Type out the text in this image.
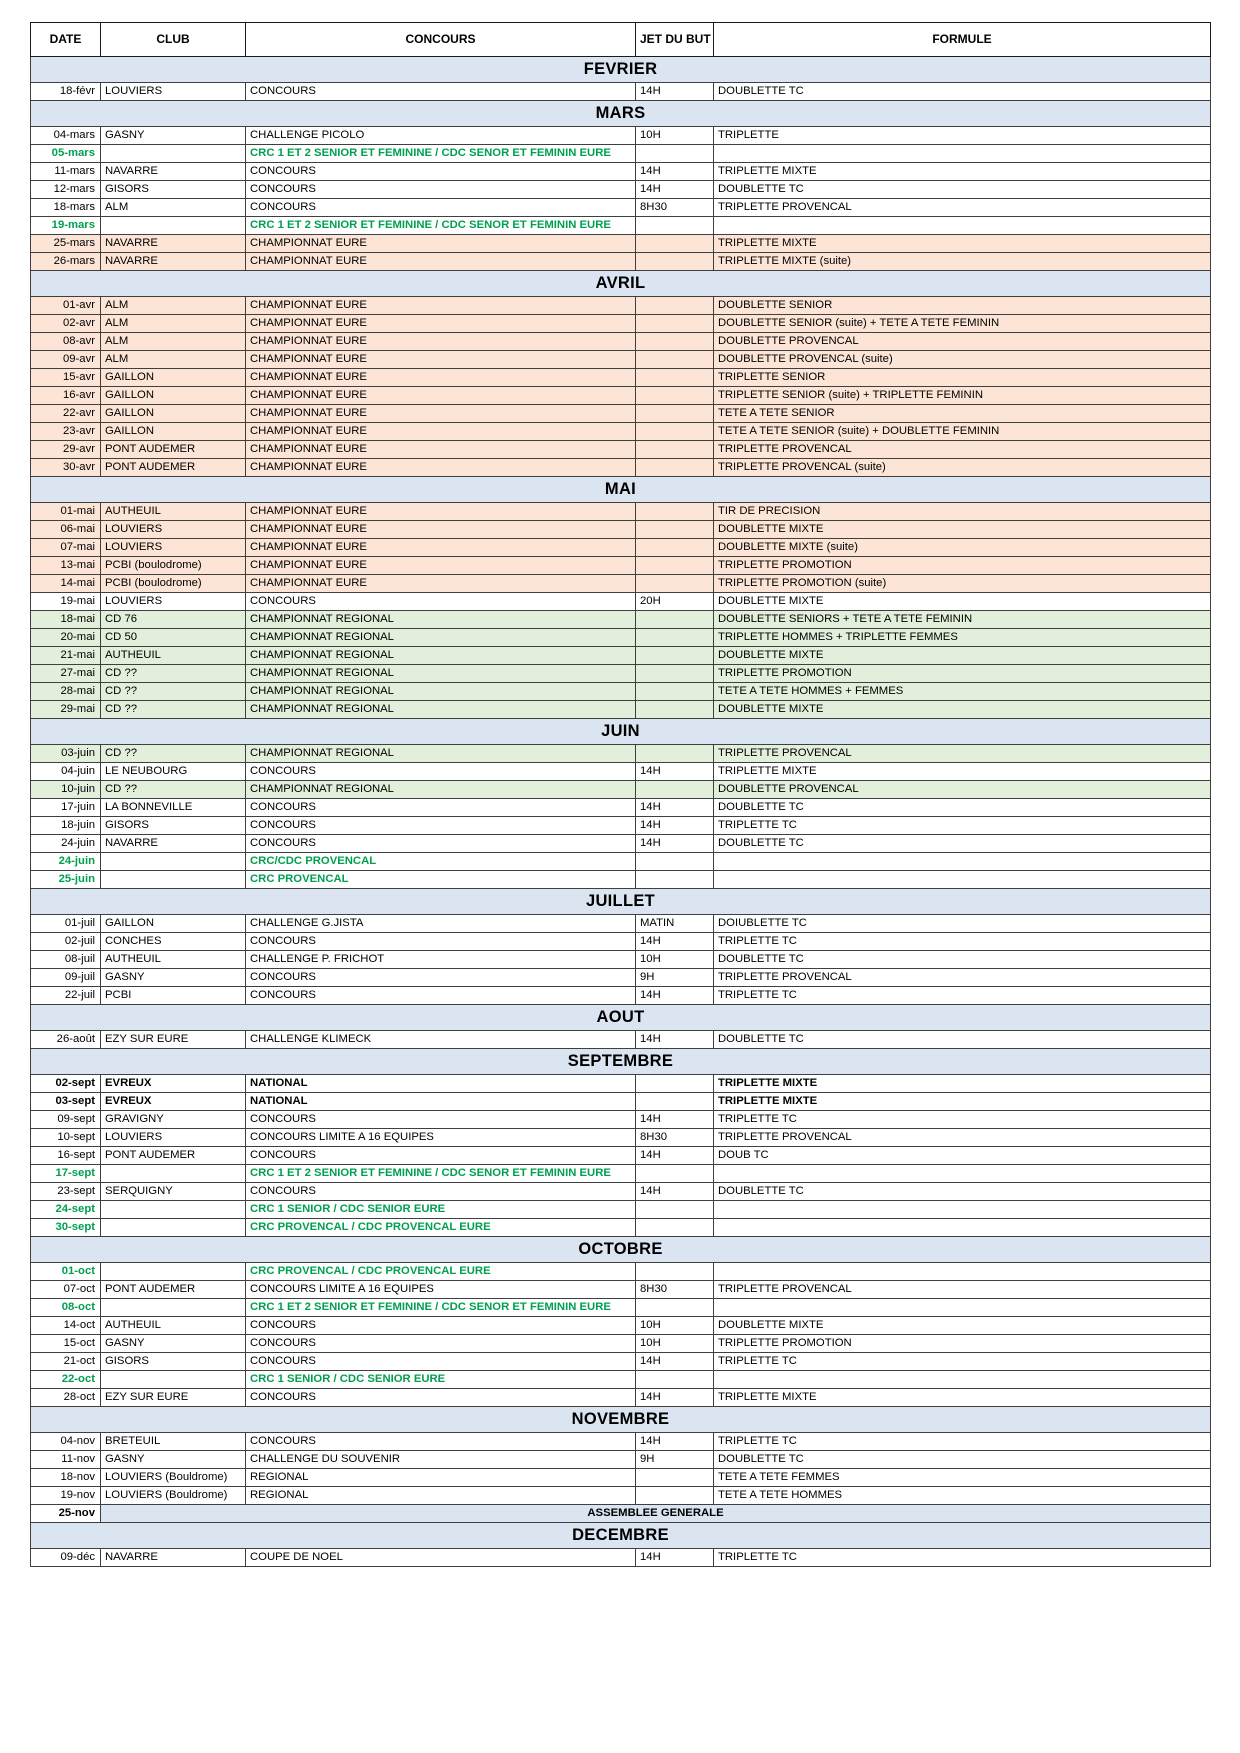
DATE	CLUB	CONCOURS	JET DU BUT	FORMULE
FEVRIER				
18-févr	LOUVIERS	CONCOURS	14H	DOUBLETTE TC
MARS				
04-mars	GASNY	CHALLENGE PICOLO	10H	TRIPLETTE
05-mars		CRC 1 ET 2 SENIOR ET FEMININE / CDC SENOR ET FEMININ EURE		
11-mars	NAVARRE	CONCOURS	14H	TRIPLETTE MIXTE
12-mars	GISORS	CONCOURS	14H	DOUBLETTE TC
18-mars	ALM	CONCOURS	8H30	TRIPLETTE PROVENCAL
19-mars		CRC 1 ET 2 SENIOR ET FEMININE / CDC SENOR ET FEMININ EURE		
25-mars	NAVARRE	CHAMPIONNAT EURE		TRIPLETTE MIXTE
26-mars	NAVARRE	CHAMPIONNAT EURE		TRIPLETTE MIXTE (suite)
AVRIL				
01-avr	ALM	CHAMPIONNAT EURE		DOUBLETTE SENIOR
02-avr	ALM	CHAMPIONNAT EURE		DOUBLETTE SENIOR (suite) + TETE A TETE FEMININ
08-avr	ALM	CHAMPIONNAT EURE		DOUBLETTE PROVENCAL
09-avr	ALM	CHAMPIONNAT EURE		DOUBLETTE PROVENCAL (suite)
15-avr	GAILLON	CHAMPIONNAT EURE		TRIPLETTE SENIOR
16-avr	GAILLON	CHAMPIONNAT EURE		TRIPLETTE SENIOR (suite) + TRIPLETTE FEMININ
22-avr	GAILLON	CHAMPIONNAT EURE		TETE A TETE SENIOR
23-avr	GAILLON	CHAMPIONNAT EURE		TETE A TETE SENIOR (suite) + DOUBLETTE FEMININ
29-avr	PONT AUDEMER	CHAMPIONNAT EURE		TRIPLETTE PROVENCAL
30-avr	PONT AUDEMER	CHAMPIONNAT EURE		TRIPLETTE PROVENCAL (suite)
MAI				
01-mai	AUTHEUIL	CHAMPIONNAT EURE		TIR DE PRECISION
06-mai	LOUVIERS	CHAMPIONNAT EURE		DOUBLETTE MIXTE
07-mai	LOUVIERS	CHAMPIONNAT EURE		DOUBLETTE MIXTE (suite)
13-mai	PCBI (boulodrome)	CHAMPIONNAT EURE		TRIPLETTE PROMOTION
14-mai	PCBI (boulodrome)	CHAMPIONNAT EURE		TRIPLETTE PROMOTION (suite)
19-mai	LOUVIERS	CONCOURS	20H	DOUBLETTE MIXTE
18-mai	CD 76	CHAMPIONNAT REGIONAL		DOUBLETTE SENIORS + TETE A TETE FEMININ
20-mai	CD 50	CHAMPIONNAT REGIONAL		TRIPLETTE HOMMES + TRIPLETTE FEMMES
21-mai	AUTHEUIL	CHAMPIONNAT REGIONAL		DOUBLETTE MIXTE
27-mai	CD ??	CHAMPIONNAT REGIONAL		TRIPLETTE PROMOTION
28-mai	CD ??	CHAMPIONNAT REGIONAL		TETE A TETE HOMMES + FEMMES
29-mai	CD ??	CHAMPIONNAT REGIONAL		DOUBLETTE MIXTE
JUIN				
03-juin	CD ??	CHAMPIONNAT REGIONAL		TRIPLETTE PROVENCAL
04-juin	LE NEUBOURG	CONCOURS	14H	TRIPLETTE MIXTE
10-juin	CD ??	CHAMPIONNAT REGIONAL		DOUBLETTE PROVENCAL
17-juin	LA BONNEVILLE	CONCOURS	14H	DOUBLETTE TC
18-juin	GISORS	CONCOURS	14H	TRIPLETTE TC
24-juin	NAVARRE	CONCOURS	14H	DOUBLETTE TC
24-juin		CRC/CDC PROVENCAL		
25-juin		CRC PROVENCAL		
JUILLET				
01-juil	GAILLON	CHALLENGE G.JISTA	MATIN	DOIUBLETTE TC
02-juil	CONCHES	CONCOURS	14H	TRIPLETTE TC
08-juil	AUTHEUIL	CHALLENGE P. FRICHOT	10H	DOUBLETTE TC
09-juil	GASNY	CONCOURS	9H	TRIPLETTE PROVENCAL
22-juil	PCBI	CONCOURS	14H	TRIPLETTE TC
AOUT				
26-août	EZY SUR EURE	CHALLENGE KLIMECK	14H	DOUBLETTE TC
SEPTEMBRE				
02-sept	EVREUX	NATIONAL		TRIPLETTE MIXTE
03-sept	EVREUX	NATIONAL		TRIPLETTE MIXTE
09-sept	GRAVIGNY	CONCOURS	14H	TRIPLETTE TC
10-sept	LOUVIERS	CONCOURS LIMITE A 16 EQUIPES	8H30	TRIPLETTE PROVENCAL
16-sept	PONT AUDEMER	CONCOURS	14H	DOUB TC
17-sept		CRC 1 ET 2 SENIOR ET FEMININE / CDC SENOR ET FEMININ EURE		
23-sept	SERQUIGNY	CONCOURS	14H	DOUBLETTE TC
24-sept		CRC 1 SENIOR / CDC SENIOR EURE		
30-sept		CRC PROVENCAL / CDC PROVENCAL EURE		
OCTOBRE				
01-oct		CRC PROVENCAL / CDC PROVENCAL EURE		
07-oct	PONT AUDEMER	CONCOURS LIMITE A 16 EQUIPES	8H30	TRIPLETTE PROVENCAL
08-oct		CRC 1 ET 2 SENIOR ET FEMININE / CDC SENOR ET FEMININ EURE		
14-oct	AUTHEUIL	CONCOURS	10H	DOUBLETTE MIXTE
15-oct	GASNY	CONCOURS	10H	TRIPLETTE PROMOTION
21-oct	GISORS	CONCOURS	14H	TRIPLETTE TC
22-oct		CRC 1 SENIOR / CDC SENIOR EURE		
28-oct	EZY SUR EURE	CONCOURS	14H	TRIPLETTE MIXTE
NOVEMBRE				
04-nov	BRETEUIL	CONCOURS	14H	TRIPLETTE TC
11-nov	GASNY	CHALLENGE DU SOUVENIR	9H	DOUBLETTE TC
18-nov	LOUVIERS (Bouldrome)	REGIONAL		TETE A TETE FEMMES
19-nov	LOUVIERS (Bouldrome)	REGIONAL		TETE A TETE HOMMES
25-nov	ASSEMBLEE GENERALE			
DECEMBRE				
09-déc	NAVARRE	COUPE DE NOEL	14H	TRIPLETTE TC
